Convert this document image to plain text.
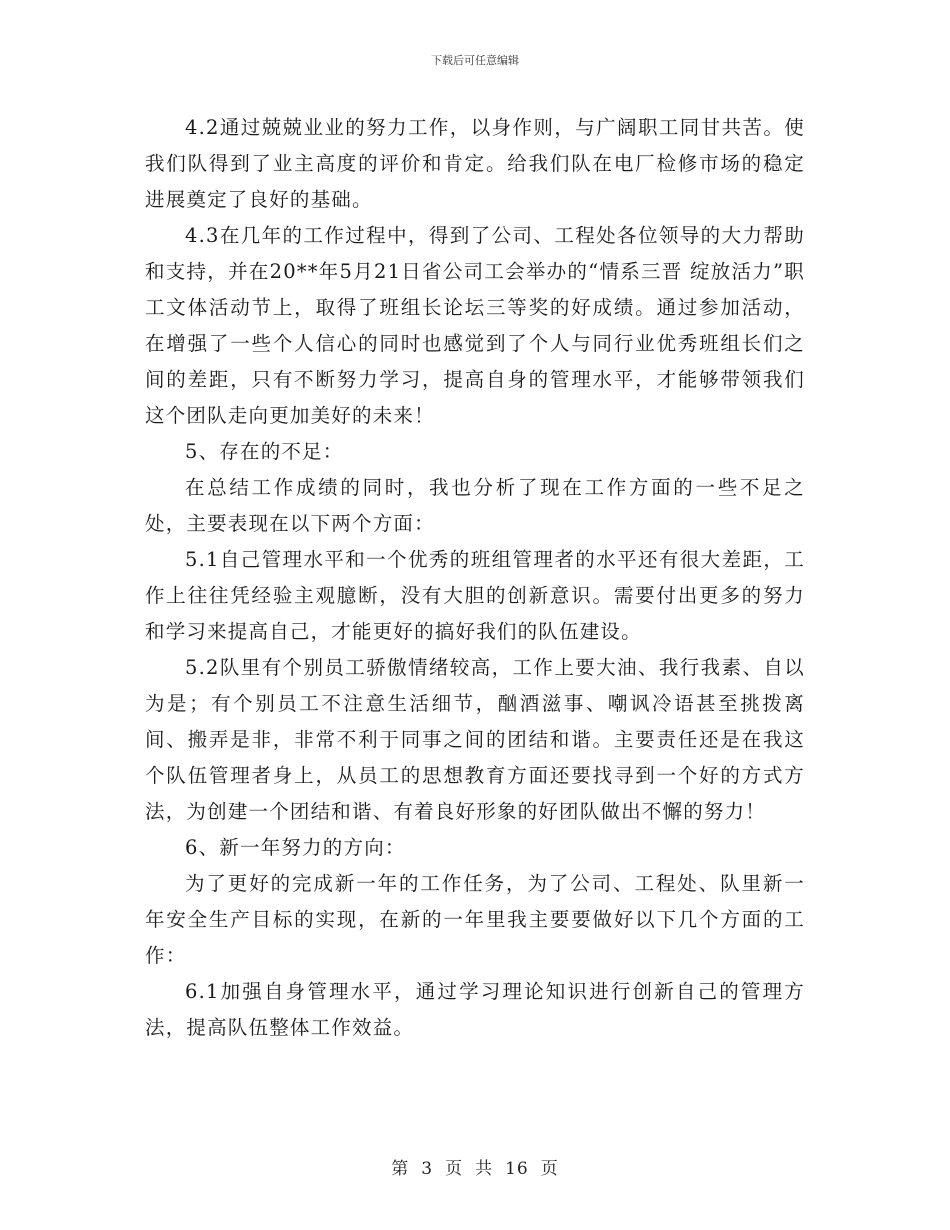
下载后可任意编辑

4.2通过兢兢业业的努力工作，以身作则，与广阔职工同甘共苦。使我们队得到了业主高度的评价和肯定。给我们队在电厂检修市场的稳定进展奠定了良好的基础。

4.3在几年的工作过程中，得到了公司、工程处各位领导的大力帮助和支持，并在20**年5月21日省公司工会举办的“情系三晋 绽放活力”职工文体活动节上，取得了班组长论坛三等奖的好成绩。通过参加活动，在增强了一些个人信心的同时也感觉到了个人与同行业优秀班组长们之间的差距，只有不断努力学习，提高自身的管理水平，才能够带领我们这个团队走向更加美好的未来！

5、存在的不足：

在总结工作成绩的同时，我也分析了现在工作方面的一些不足之处，主要表现在以下两个方面：

5.1自己管理水平和一个优秀的班组管理者的水平还有很大差距，工作上往往凭经验主观臆断，没有大胆的创新意识。需要付出更多的努力和学习来提高自己，才能更好的搞好我们的队伍建设。

5.2队里有个别员工骄傲情绪较高，工作上要大油、我行我素、自以为是；有个别员工不注意生活细节，酗酒滋事、嘲讽冷语甚至挑拨离间、搬弄是非，非常不利于同事之间的团结和谐。主要责任还是在我这个队伍管理者身上，从员工的思想教育方面还要找寻到一个好的方式方法，为创建一个团结和谐、有着良好形象的好团队做出不懈的努力！

6、新一年努力的方向：

为了更好的完成新一年的工作任务，为了公司、工程处、队里新一年安全生产目标的实现，在新的一年里我主要要做好以下几个方面的工作：

6.1加强自身管理水平，通过学习理论知识进行创新自己的管理方法，提高队伍整体工作效益。

第 3 页 共 16 页
